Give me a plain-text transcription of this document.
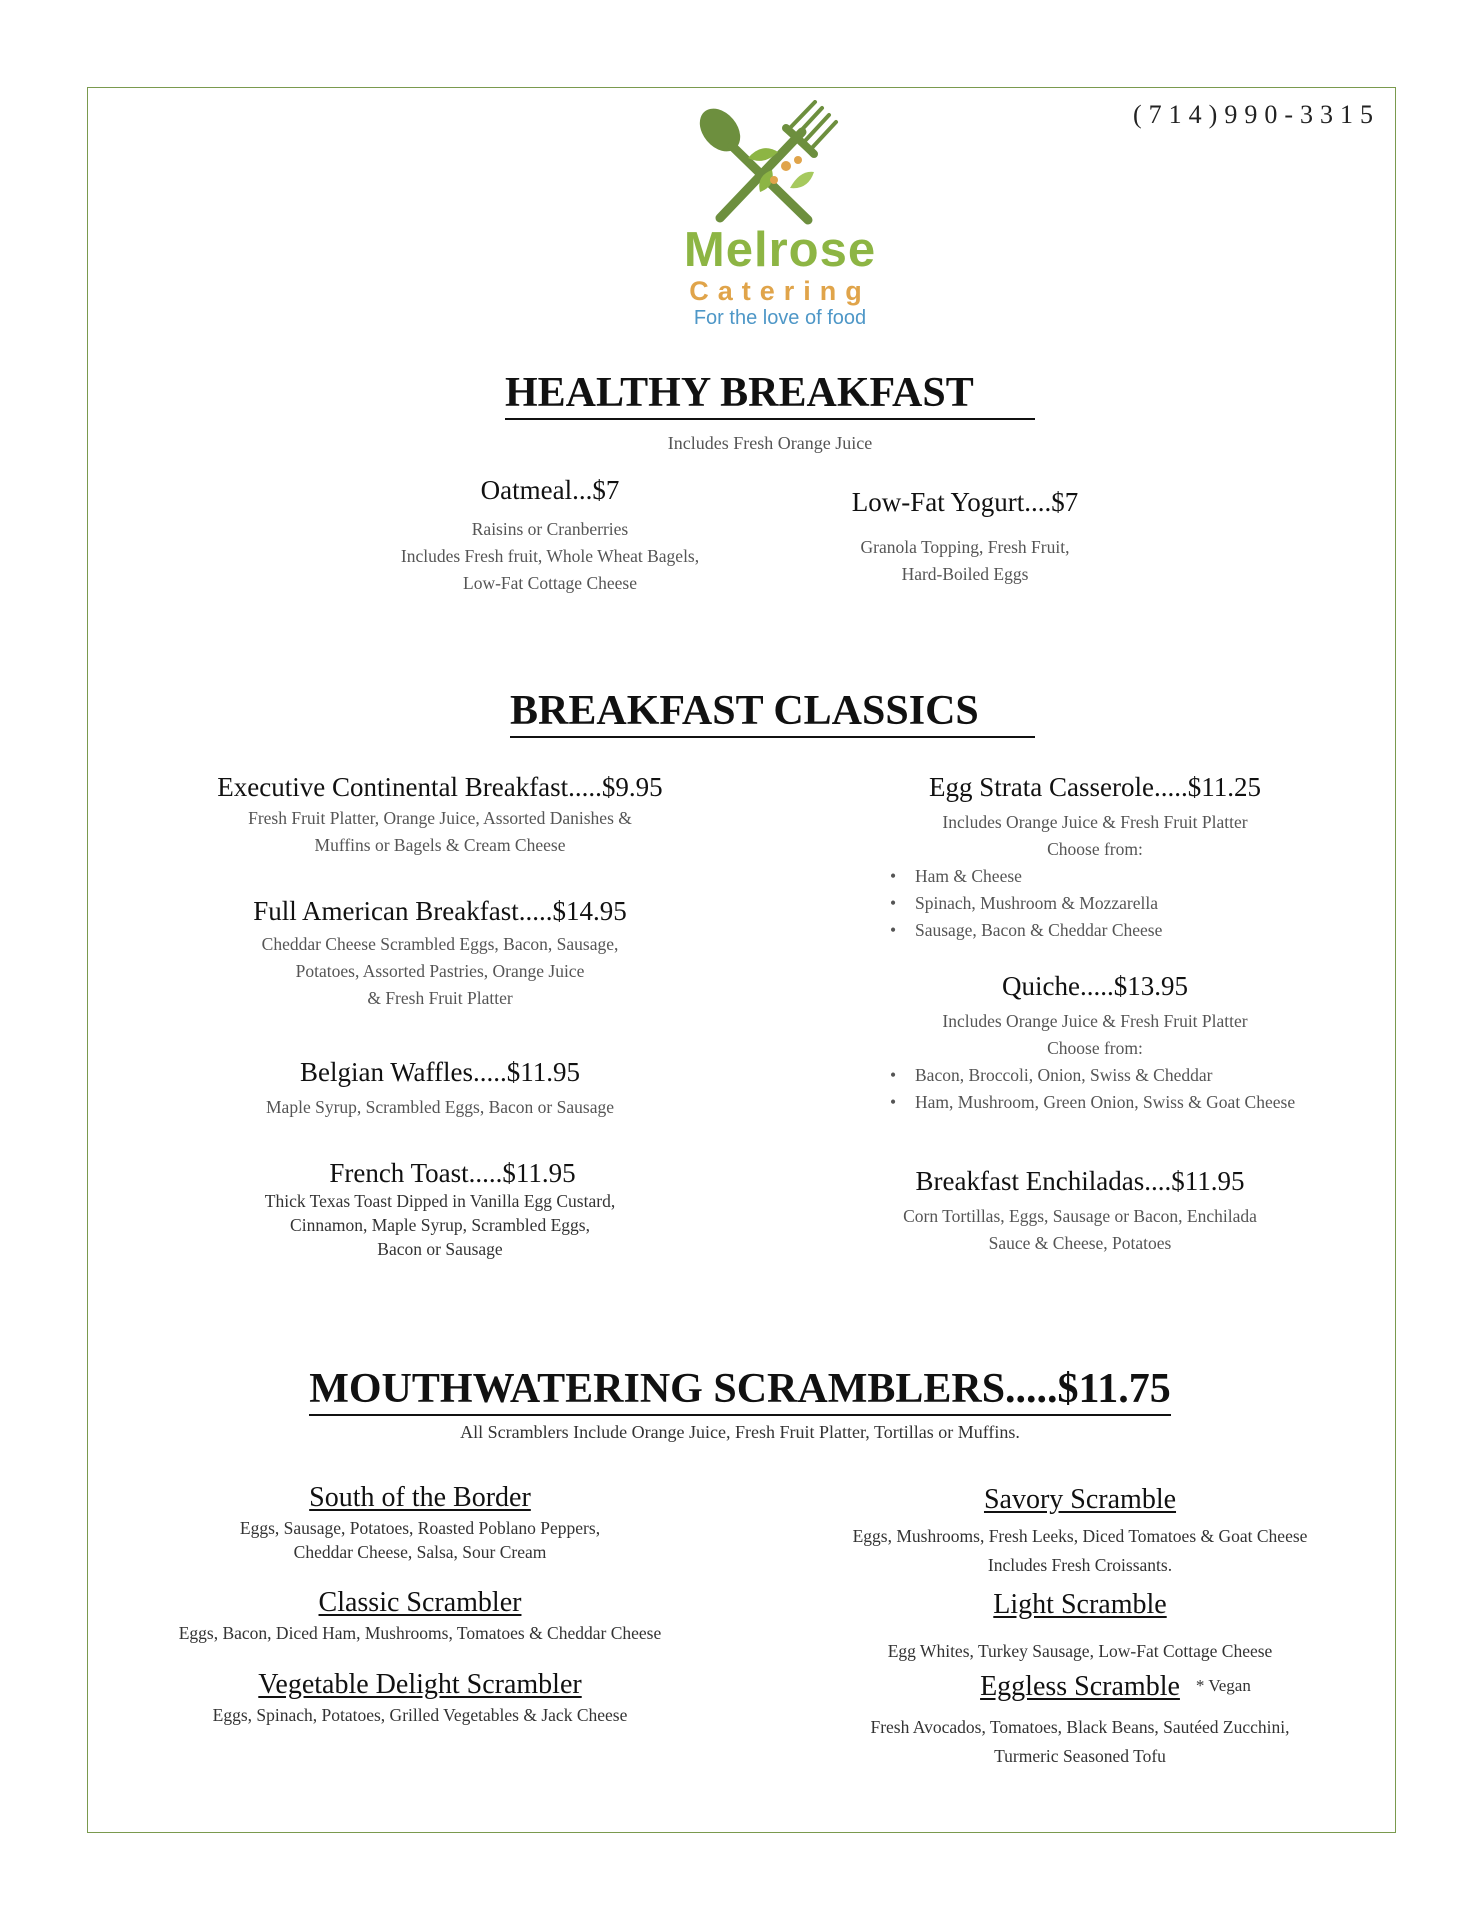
(714)990-3315
Melrose
Catering
For the love of food
HEALTHY BREAKFAST
Includes Fresh Orange Juice
Oatmeal...$7
Raisins or Cranberries
Includes Fresh fruit, Whole Wheat Bagels,
Low-Fat Cottage Cheese
Low-Fat Yogurt....$7
Granola Topping, Fresh Fruit,
Hard-Boiled Eggs
BREAKFAST CLASSICS
Executive Continental Breakfast.....$9.95
Fresh Fruit Platter, Orange Juice, Assorted Danishes &
Muffins or Bagels & Cream Cheese
Full American Breakfast.....$14.95
Cheddar Cheese Scrambled Eggs, Bacon, Sausage,
Potatoes, Assorted Pastries, Orange Juice
& Fresh Fruit Platter
Belgian Waffles.....$11.95
Maple Syrup, Scrambled Eggs, Bacon or Sausage
French Toast.....$11.95
Thick Texas Toast Dipped in Vanilla Egg Custard,
Cinnamon, Maple Syrup, Scrambled Eggs,
Bacon or Sausage
Egg Strata Casserole.....$11.25
Includes Orange Juice & Fresh Fruit Platter
Choose from:
• Ham & Cheese
• Spinach, Mushroom & Mozzarella
• Sausage, Bacon & Cheddar Cheese
Quiche.....$13.95
Includes Orange Juice & Fresh Fruit Platter
Choose from:
• Bacon, Broccoli, Onion, Swiss & Cheddar
• Ham, Mushroom, Green Onion, Swiss & Goat Cheese
Breakfast Enchiladas....$11.95
Corn Tortillas, Eggs, Sausage or Bacon, Enchilada
Sauce & Cheese, Potatoes
MOUTHWATERING SCRAMBLERS.....$11.75
All Scramblers Include Orange Juice, Fresh Fruit Platter, Tortillas or Muffins.
South of the Border
Eggs, Sausage, Potatoes, Roasted Poblano Peppers,
Cheddar Cheese, Salsa, Sour Cream
Classic Scrambler
Eggs, Bacon, Diced Ham, Mushrooms, Tomatoes & Cheddar Cheese
Vegetable Delight Scrambler
Eggs, Spinach, Potatoes, Grilled Vegetables & Jack Cheese
Savory Scramble
Eggs, Mushrooms, Fresh Leeks, Diced Tomatoes & Goat Cheese
Includes Fresh Croissants.
Light Scramble
Egg Whites, Turkey Sausage, Low-Fat Cottage Cheese
Eggless Scramble * Vegan
Fresh Avocados, Tomatoes, Black Beans, Sautéed Zucchini,
Turmeric Seasoned Tofu
